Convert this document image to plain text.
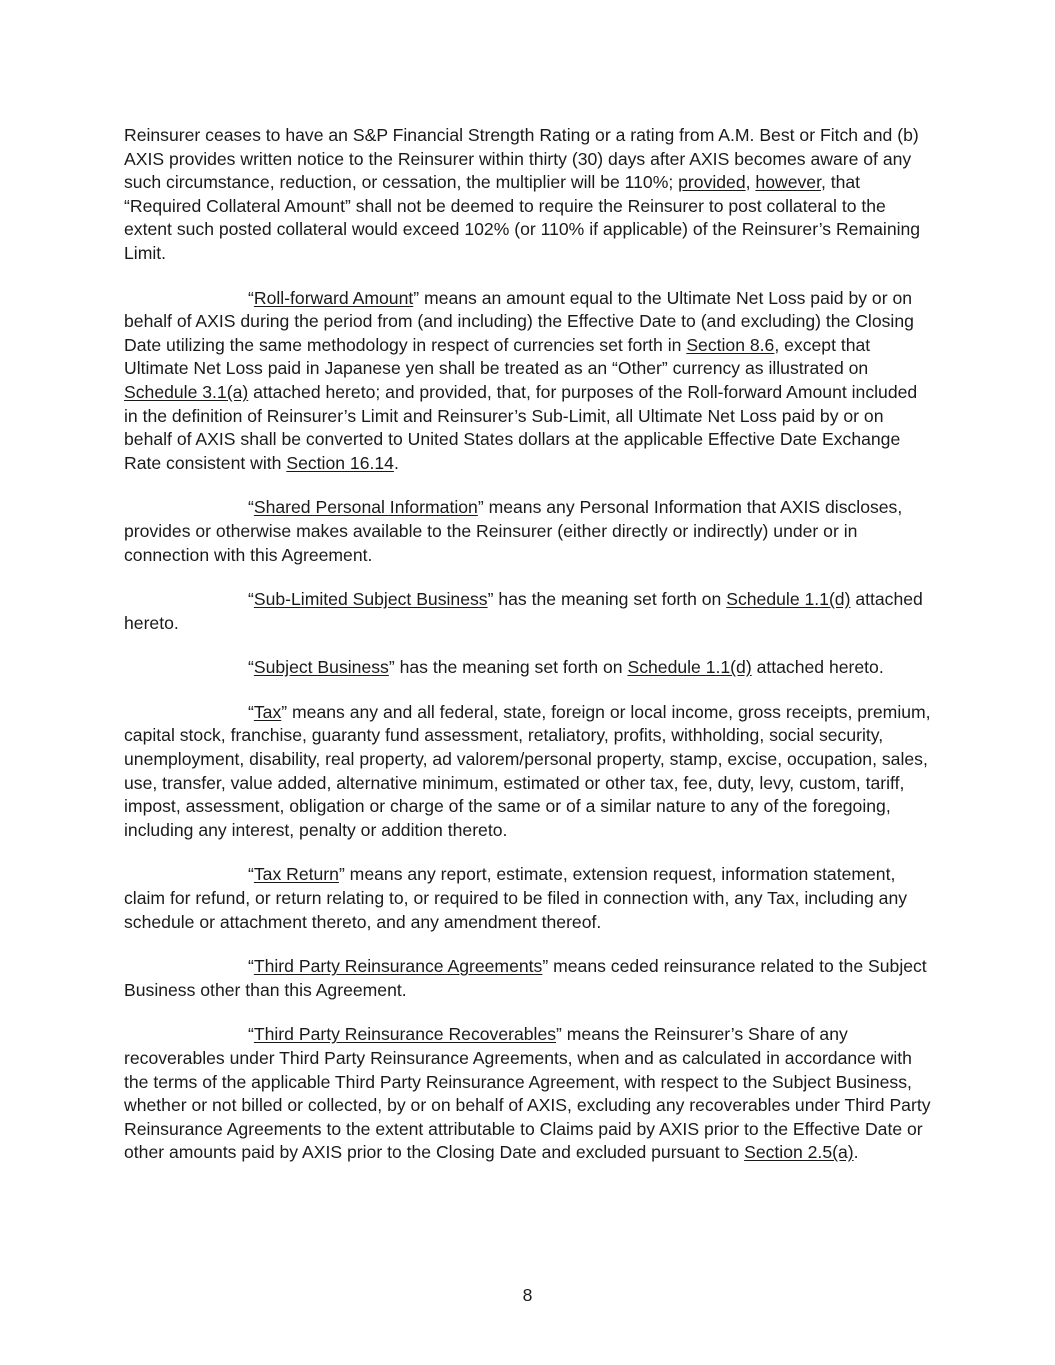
Reinsurer ceases to have an S&P Financial Strength Rating or a rating from A.M. Best or Fitch and (b) AXIS provides written notice to the Reinsurer within thirty (30) days after AXIS becomes aware of any such circumstance, reduction, or cessation, the multiplier will be 110%; provided, however, that “Required Collateral Amount” shall not be deemed to require the Reinsurer to post collateral to the extent such posted collateral would exceed 102% (or 110% if applicable) of the Reinsurer’s Remaining Limit.

“Roll-forward Amount” means an amount equal to the Ultimate Net Loss paid by or on behalf of AXIS during the period from (and including) the Effective Date to (and excluding) the Closing Date utilizing the same methodology in respect of currencies set forth in Section 8.6, except that Ultimate Net Loss paid in Japanese yen shall be treated as an “Other” currency as illustrated on Schedule 3.1(a) attached hereto; and provided, that, for purposes of the Roll-forward Amount included in the definition of Reinsurer’s Limit and Reinsurer’s Sub-Limit, all Ultimate Net Loss paid by or on behalf of AXIS shall be converted to United States dollars at the applicable Effective Date Exchange Rate consistent with Section 16.14.

“Shared Personal Information” means any Personal Information that AXIS discloses, provides or otherwise makes available to the Reinsurer (either directly or indirectly) under or in connection with this Agreement.

“Sub-Limited Subject Business” has the meaning set forth on Schedule 1.1(d) attached hereto.

“Subject Business” has the meaning set forth on Schedule 1.1(d) attached hereto.

“Tax” means any and all federal, state, foreign or local income, gross receipts, premium, capital stock, franchise, guaranty fund assessment, retaliatory, profits, withholding, social security, unemployment, disability, real property, ad valorem/personal property, stamp, excise, occupation, sales, use, transfer, value added, alternative minimum, estimated or other tax, fee, duty, levy, custom, tariff, impost, assessment, obligation or charge of the same or of a similar nature to any of the foregoing, including any interest, penalty or addition thereto.

“Tax Return” means any report, estimate, extension request, information statement, claim for refund, or return relating to, or required to be filed in connection with, any Tax, including any schedule or attachment thereto, and any amendment thereof.

“Third Party Reinsurance Agreements” means ceded reinsurance related to the Subject Business other than this Agreement.

“Third Party Reinsurance Recoverables” means the Reinsurer’s Share of any recoverables under Third Party Reinsurance Agreements, when and as calculated in accordance with the terms of the applicable Third Party Reinsurance Agreement, with respect to the Subject Business, whether or not billed or collected, by or on behalf of AXIS, excluding any recoverables under Third Party Reinsurance Agreements to the extent attributable to Claims paid by AXIS prior to the Effective Date or other amounts paid by AXIS prior to the Closing Date and excluded pursuant to Section 2.5(a).

8
